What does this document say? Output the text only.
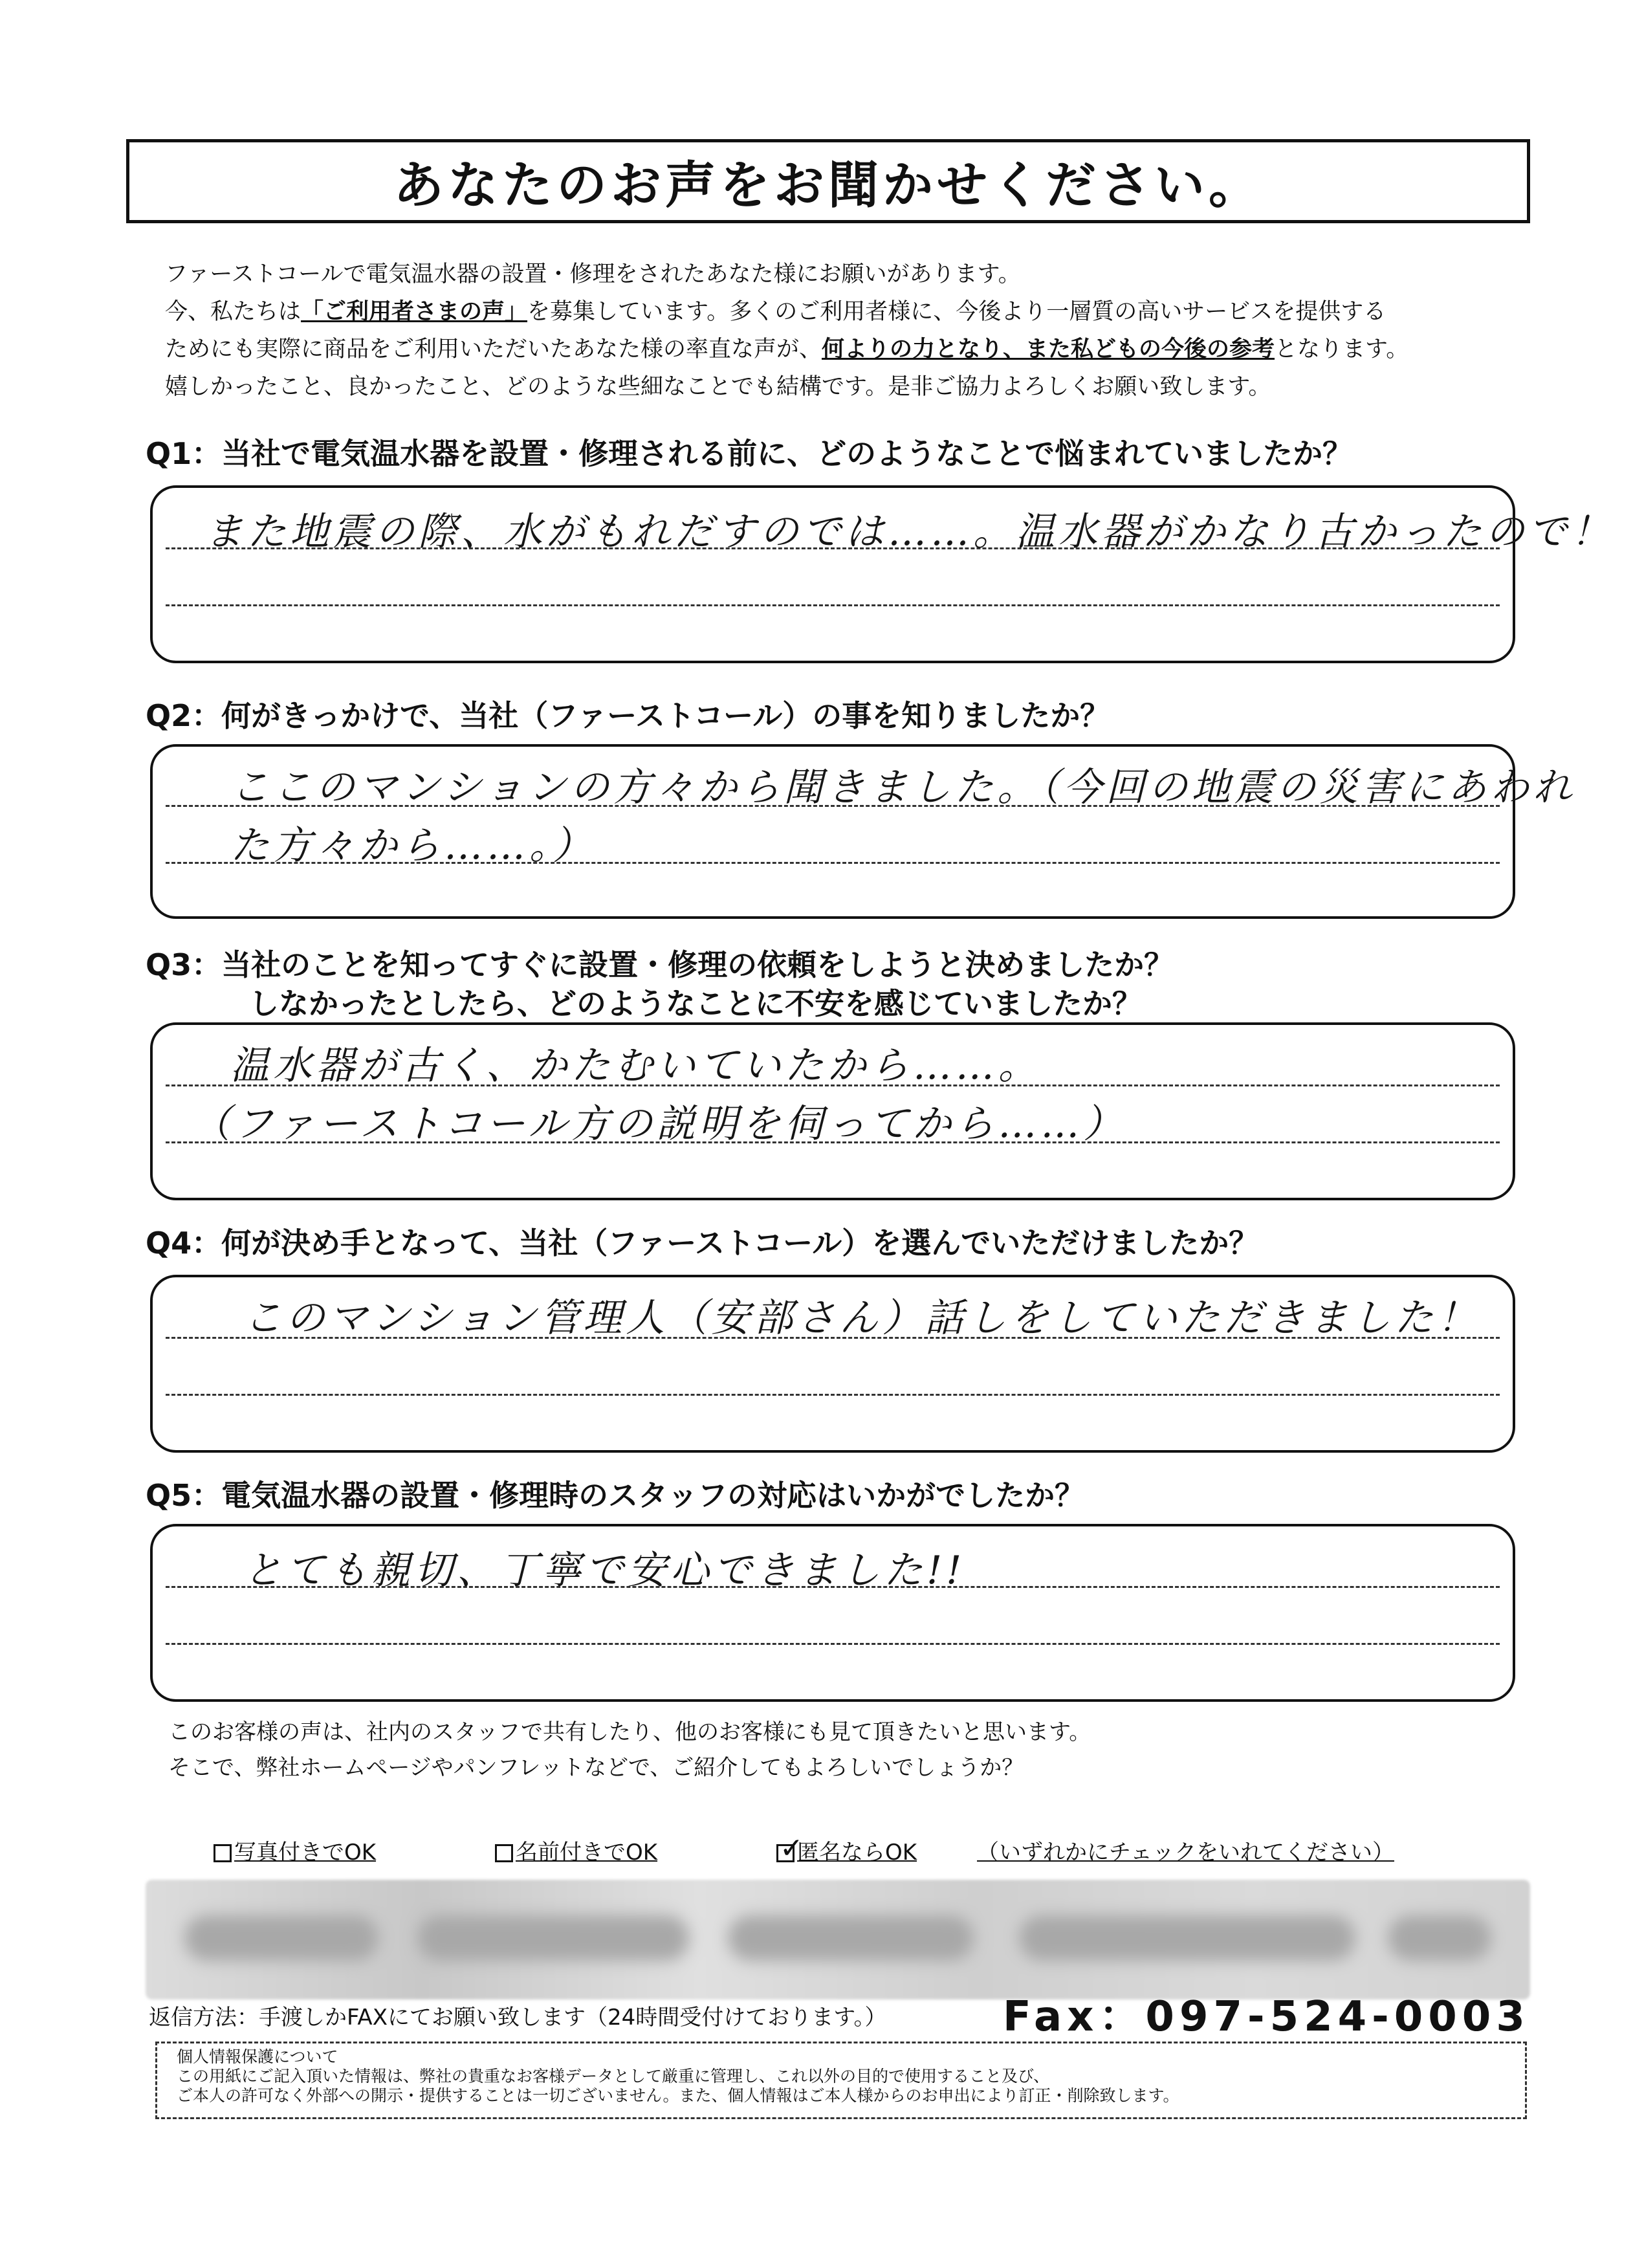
あなたのお声をお聞かせください。

ファーストコールで電気温水器の設置・修理をされたあなた様にお願いがあります。

今、私たちは「ご利用者さまの声」を募集しています。多くのご利用者様に、今後より一層質の高いサービスを提供する

ためにも実際に商品をご利用いただいたあなた様の率直な声が、何よりの力となり、また私どもの今後の参考となります。

嬉しかったこと、良かったこと、どのような些細なことでも結構です。是非ご協力よろしくお願い致します。

Q1：当社で電気温水器を設置・修理される前に、どのようなことで悩まれていましたか？
また地震の際、水がもれだすのでは……。温水器がかなり古かったので！
Q2：何がきっかけで、当社（ファーストコール）の事を知りましたか？
ここのマンションの方々から聞きました。（今回の地震の災害にあわれ
た方々から……。）
Q3：当社のことを知ってすぐに設置・修理の依頼をしようと決めましたか？
しなかったとしたら、どのようなことに不安を感じていましたか？
温水器が古く、かたむいていたから……。
（ファーストコール方の説明を伺ってから……）
Q4：何が決め手となって、当社（ファーストコール）を選んでいただけましたか？
このマンション管理人（安部さん）話しをしていただきました！
Q5：電気温水器の設置・修理時のスタッフの対応はいかがでしたか？
とても親切、丁寧で安心できました!!
このお客様の声は、社内のスタッフで共有したり、他のお客様にも見て頂きたいと思います。
そこで、弊社ホームページやパンフレットなどで、ご紹介してもよろしいでしょうか？
写真付きでOK	名前付きでOK
✓	匿名ならOK	（いずれかにチェックをいれてください）
返信方法：手渡しかFAXにてお願い致します（24時間受付けております。）	Fax：097-524-0003

個人情報保護について

この用紙にご記入頂いた情報は、弊社の貴重なお客様データとして厳重に管理し、これ以外の目的で使用すること及び、

ご本人の許可なく外部への開示・提供することは一切ございません。また、個人情報はご本人様からのお申出により訂正・削除致します。
